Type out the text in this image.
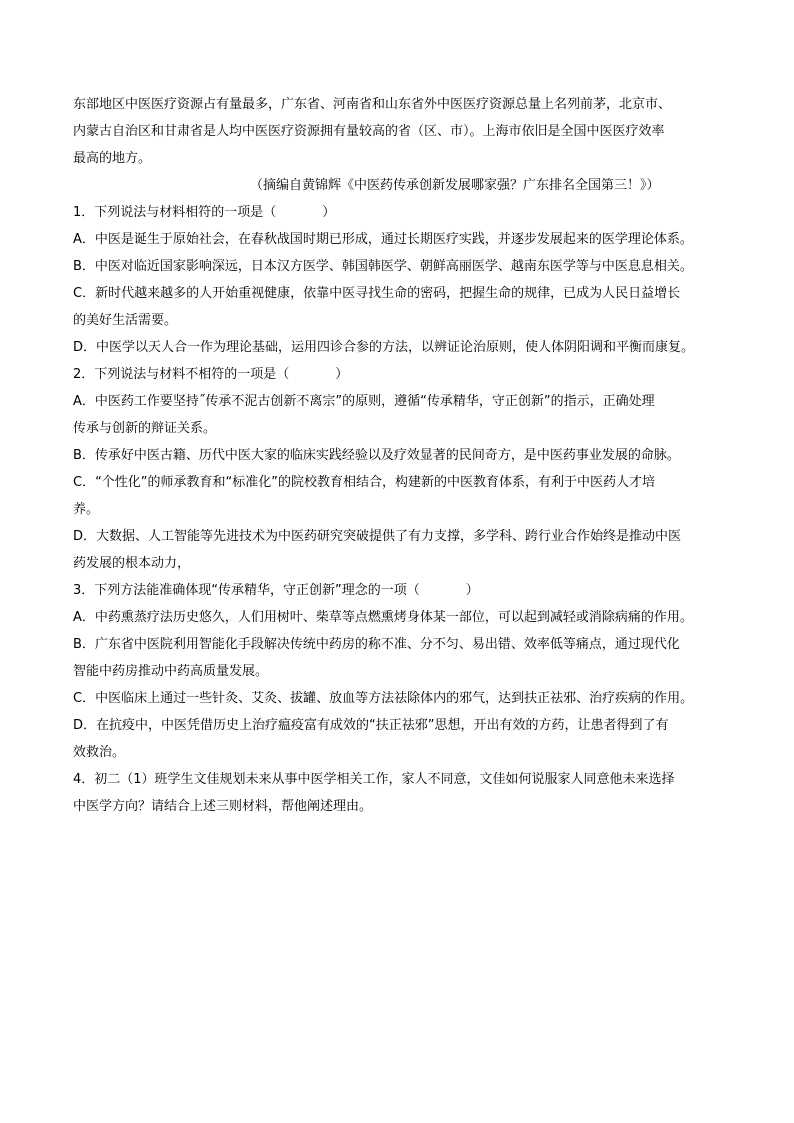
东部地区中医医疗资源占有量最多，广东省、河南省和山东省外中医医疗资源总量上名列前茅，北京市、
内蒙古自治区和甘肃省是人均中医医疗资源拥有量较高的省（区、市）。上海市依旧是全国中医医疗效率
最高的地方。
（摘编自黄锦辉《中医药传承创新发展哪家强？广东排名全国第三！》）
1．下列说法与材料相符的一项是（	）
A．中医是诞生于原始社会，在春秋战国时期已形成，通过长期医疗实践，并逐步发展起来的医学理论体系。
B．中医对临近国家影响深远，日本汉方医学、韩国韩医学、朝鲜高丽医学、越南东医学等与中医息息相关。
C．新时代越来越多的人开始重视健康，依靠中医寻找生命的密码，把握生命的规律，已成为人民日益增长
的美好生活需要。
D．中医学以天人合一作为理论基础，运用四诊合参的方法，以辨证论治原则，使人体阴阳调和平衡而康复。
2．下列说法与材料不相符的一项是（	）
A．中医药工作要坚持˝传承不泥古创新不离宗”的原则，遵循“传承精华，守正创新”的指示，正确处理
传承与创新的辩证关系。
B．传承好中医古籍、历代中医大家的临床实践经验以及疗效显著的民间奇方，是中医药事业发展的命脉。
C．“个性化”的师承教育和“标准化”的院校教育相结合，构建新的中医教育体系，有利于中医药人才培
养。
D．大数据、人工智能等先进技术为中医药研究突破提供了有力支撑，多学科、跨行业合作始终是推动中医
药发展的根本动力，
3．下列方法能准确体现“传承精华，守正创新”理念的一项（	）
A．中药熏蒸疗法历史悠久，人们用树叶、柴草等点燃熏烤身体某一部位，可以起到减轻或消除病痛的作用。
B．广东省中医院利用智能化手段解决传统中药房的称不准、分不匀、易出错、效率低等痛点，通过现代化
智能中药房推动中药高质量发展。
C．中医临床上通过一些针灸、艾灸、拔罐、放血等方法祛除体内的邪气，达到扶正祛邪、治疗疾病的作用。
D．在抗疫中，中医凭借历史上治疗瘟疫富有成效的“扶正祛邪”思想，开出有效的方药，让患者得到了有
效救治。
4．初二（1）班学生文佳规划未来从事中医学相关工作，家人不同意，文佳如何说服家人同意他未来选择
中医学方向？请结合上述三则材料，帮他阐述理由。
